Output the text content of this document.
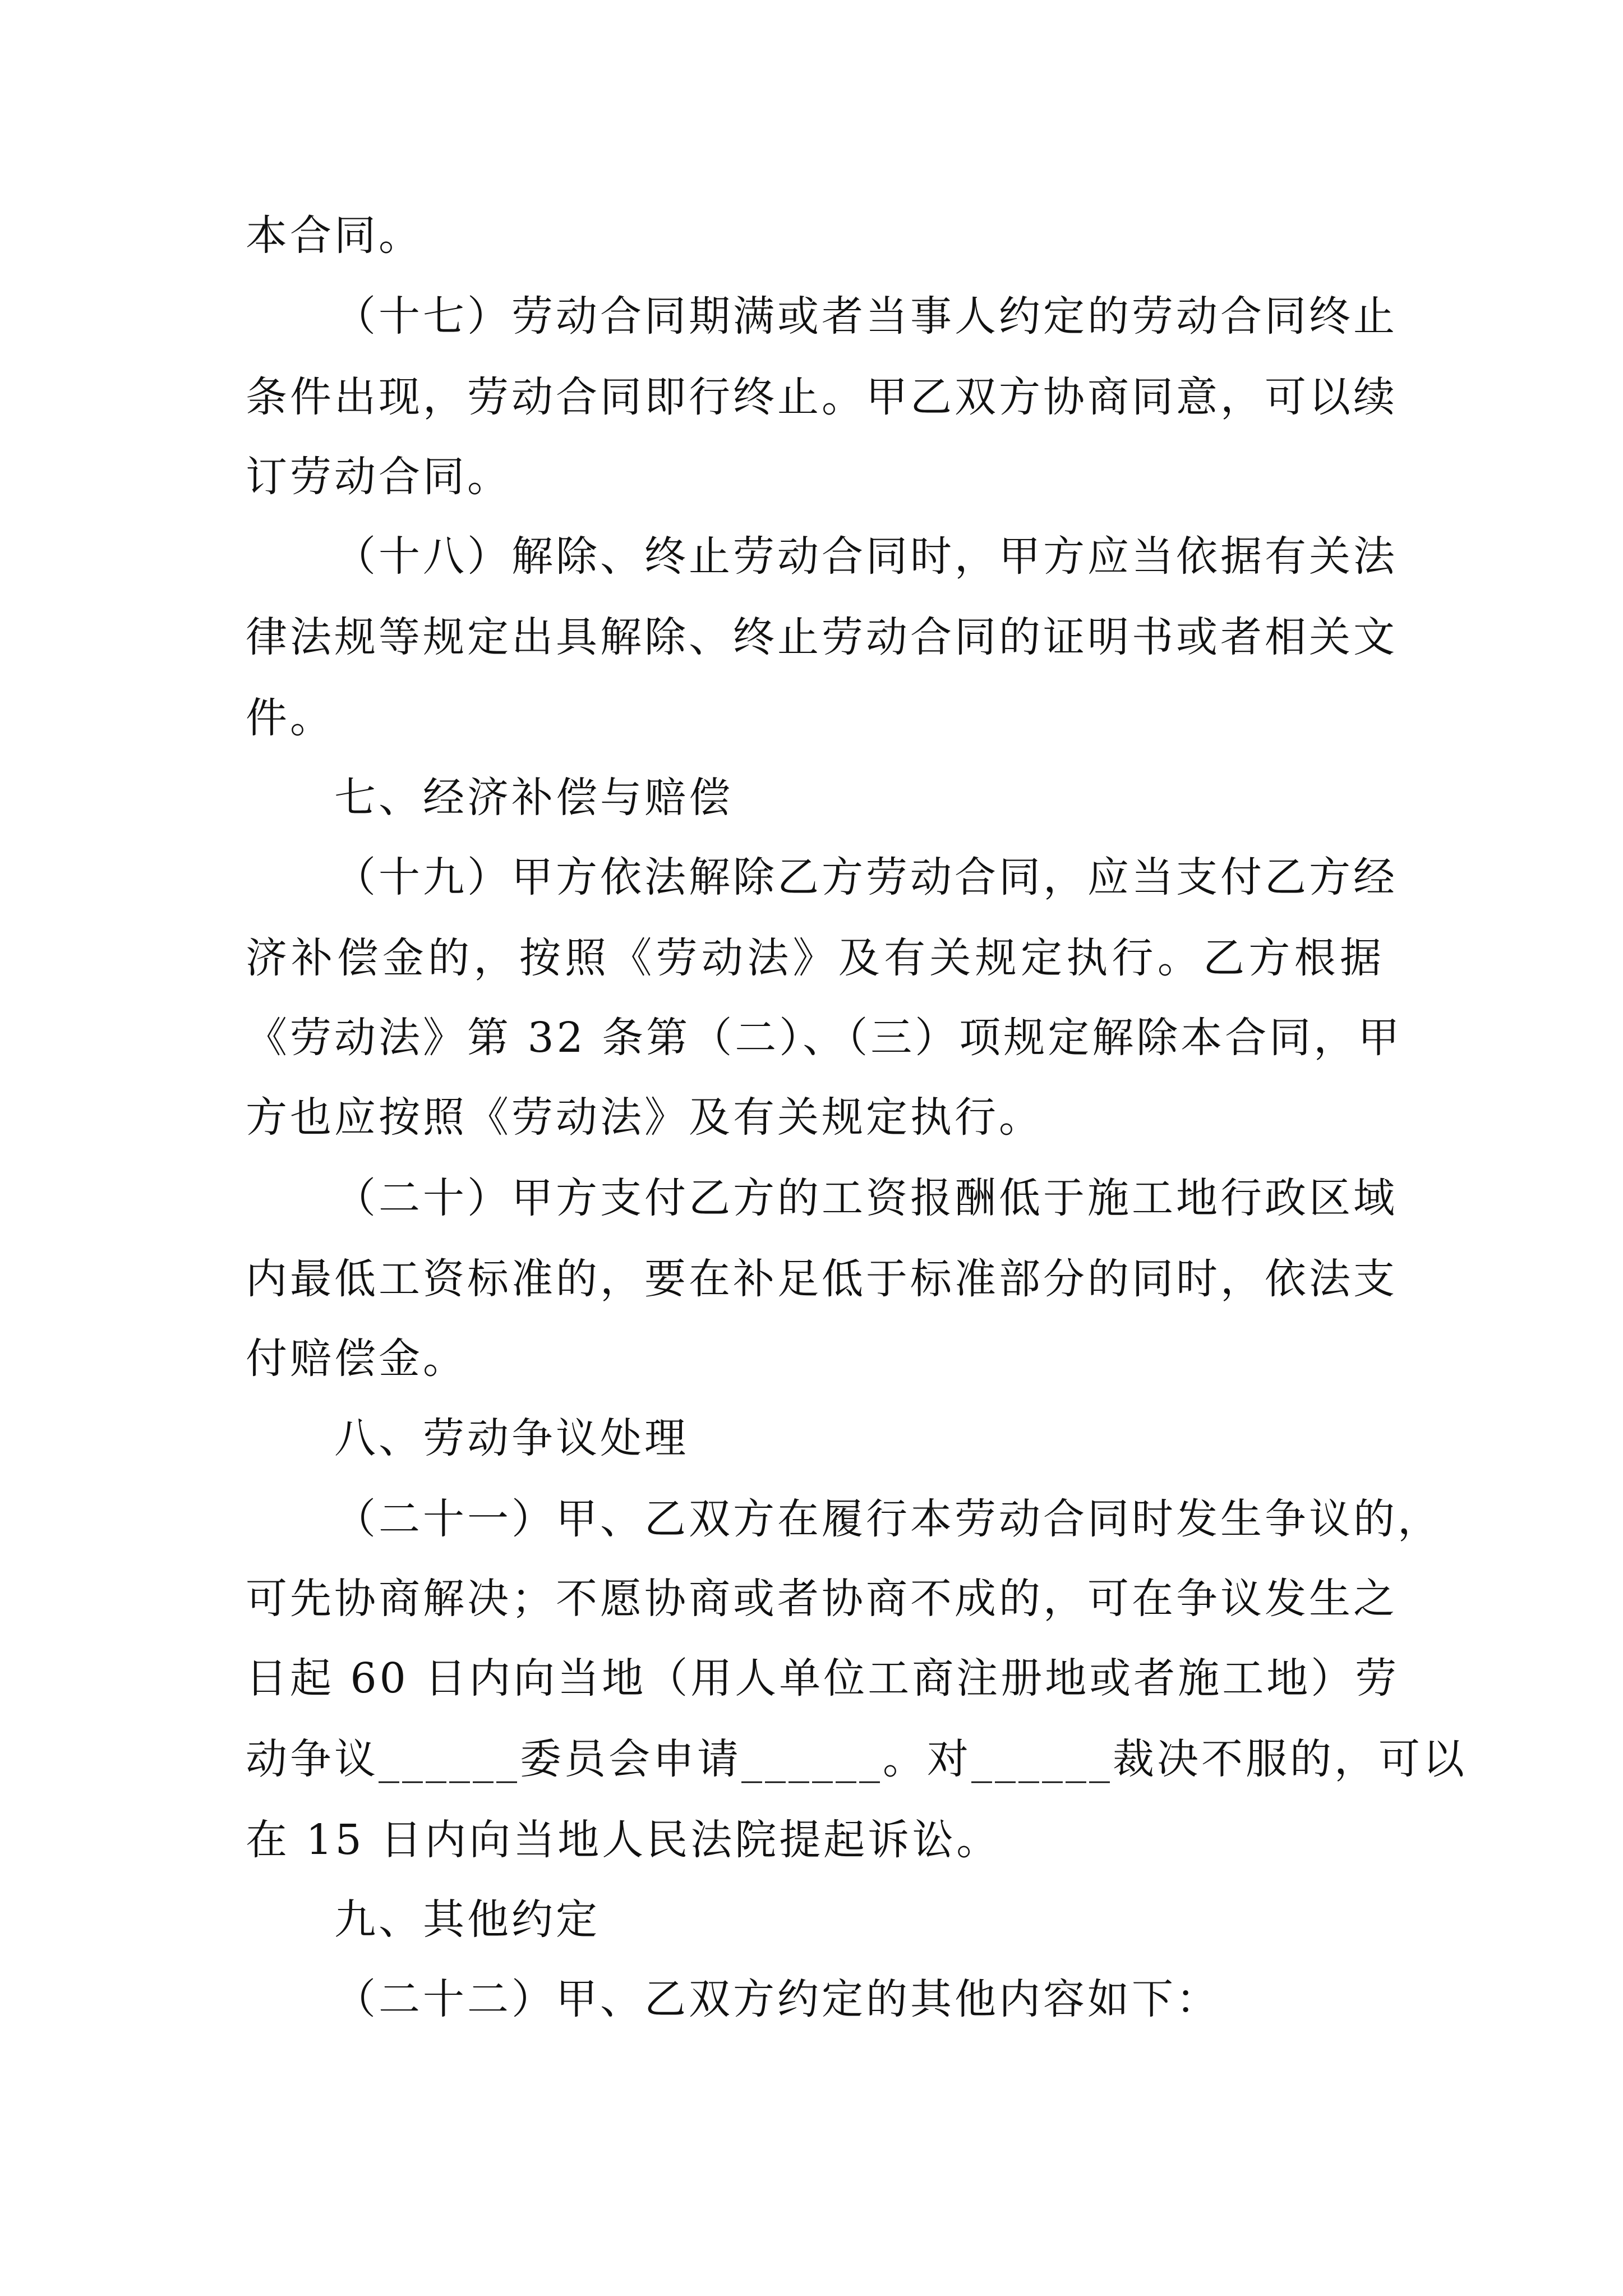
本合同。
（十七）劳动合同期满或者当事人约定的劳动合同终止
条件出现，劳动合同即行终止。甲乙双方协商同意，可以续
订劳动合同。
（十八）解除、终止劳动合同时，甲方应当依据有关法
律法规等规定出具解除、终止劳动合同的证明书或者相关文
件。
七、经济补偿与赔偿
（十九）甲方依法解除乙方劳动合同，应当支付乙方经
济补偿金的，按照《劳动法》及有关规定执行。乙方根据
《劳动法》第 32 条第（二）、（三）项规定解除本合同，甲
方也应按照《劳动法》及有关规定执行。
（二十）甲方支付乙方的工资报酬低于施工地行政区域
内最低工资标准的，要在补足低于标准部分的同时，依法支
付赔偿金。
八、劳动争议处理
（二十一）甲、乙双方在履行本劳动合同时发生争议的，
可先协商解决；不愿协商或者协商不成的，可在争议发生之
日起 60 日内向当地（用人单位工商注册地或者施工地）劳
动争议______委员会申请______。对______裁决不服的，可以
在 15 日内向当地人民法院提起诉讼。
九、其他约定
（二十二）甲、乙双方约定的其他内容如下：
